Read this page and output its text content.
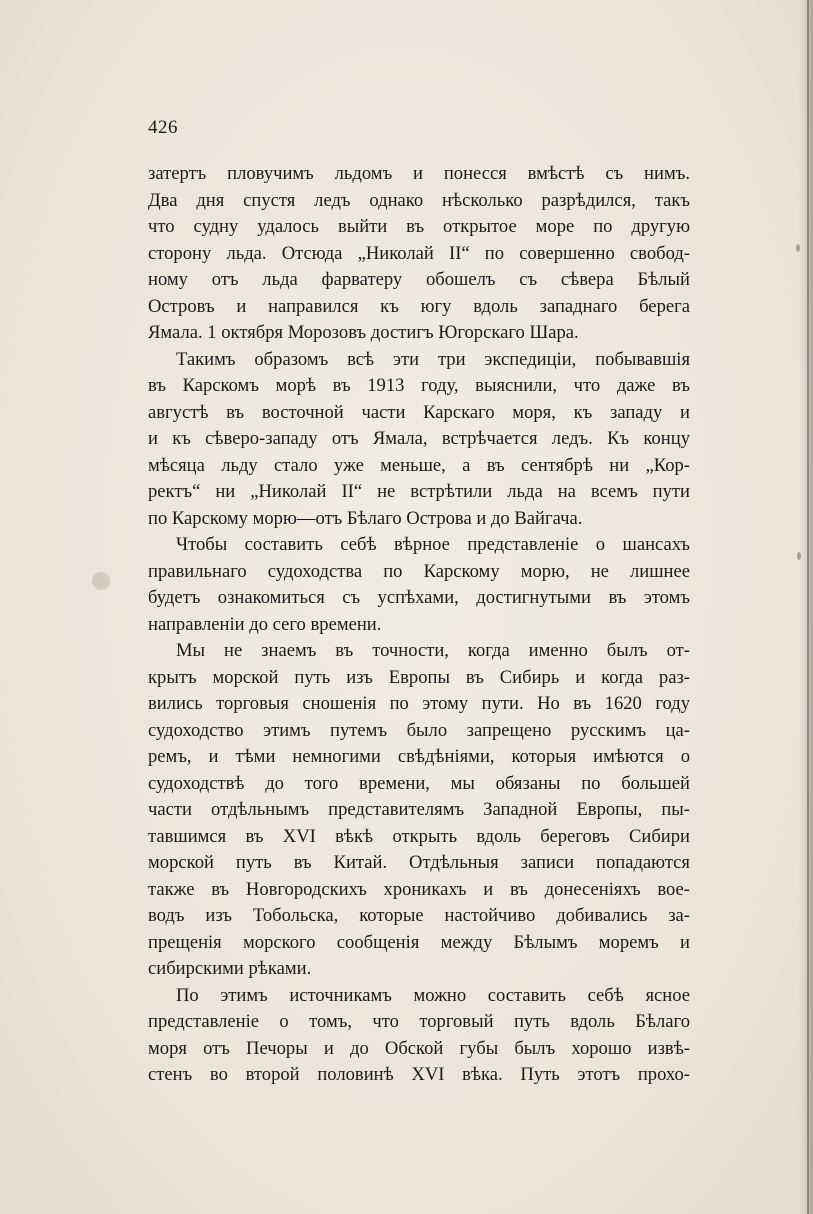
426
затертъ пловучимъ льдомъ и понесся вмѣстѣ съ нимъ.
Два дня спустя ледъ однако нѣсколько разрѣдился, такъ
что судну удалось выйти въ открытое море по другую
сторону льда. Отсюда „Николай II“ по совершенно свобод-
ному отъ льда фарватеру обошелъ съ сѣвера Бѣлый
Островъ и направился къ югу вдоль западнаго берега
Ямала. 1 октября Морозовъ достигъ Югорскаго Шара.
Такимъ образомъ всѣ эти три экспедиціи, побывавшія
въ Карскомъ морѣ въ 1913 году, выяснили, что даже въ
августѣ въ восточной части Карскаго моря, къ западу и
и къ сѣверо-западу отъ Ямала, встрѣчается ледъ. Къ концу
мѣсяца льду стало уже меньше, а въ сентябрѣ ни „Кор-
ректъ“ ни „Николай II“ не встрѣтили льда на всемъ пути
по Карскому морю—отъ Бѣлаго Острова и до Вайгача.
Чтобы составить себѣ вѣрное представленіе о шансахъ
правильнаго судоходства по Карскому морю, не лишнее
будетъ ознакомиться съ успѣхами, достигнутыми въ этомъ
направленіи до сего времени.
Мы не знаемъ въ точности, когда именно былъ от-
крытъ морской путь изъ Европы въ Сибирь и когда раз-
вились торговыя сношенія по этому пути. Но въ 1620 году
судоходство этимъ путемъ было запрещено русскимъ ца-
ремъ, и тѣми немногими свѣдѣніями, которыя имѣются о
судоходствѣ до того времени, мы обязаны по большей
части отдѣльнымъ представителямъ Западной Европы, пы-
тавшимся въ XVI вѣкѣ открыть вдоль береговъ Сибири
морской путь въ Китай. Отдѣльныя записи попадаются
также въ Новгородскихъ хроникахъ и въ донесеніяхъ вое-
водъ изъ Тобольска, которые настойчиво добивались за-
прещенія морского сообщенія между Бѣлымъ моремъ и
сибирскими рѣками.
По этимъ источникамъ можно составить себѣ ясное
представленіе о томъ, что торговый путь вдоль Бѣлаго
моря отъ Печоры и до Обской губы былъ хорошо извѣ-
стенъ во второй половинѣ XVI вѣка. Путь этотъ прохо-
